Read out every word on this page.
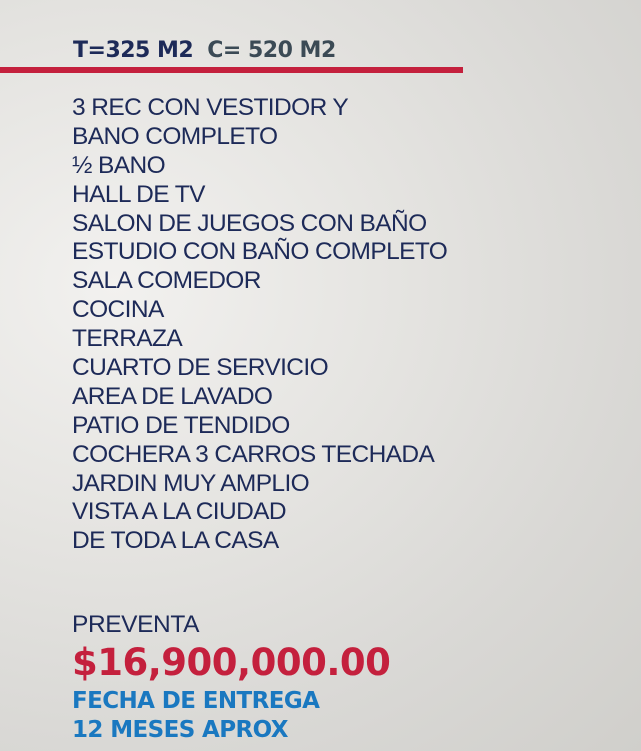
T=325 M2 C= 520 M2
3 REC CON VESTIDOR Y
BANO COMPLETO
½ BANO
HALL DE TV
SALON DE JUEGOS CON BAÑO
ESTUDIO CON BAÑO COMPLETO
SALA COMEDOR
COCINA
TERRAZA
CUARTO DE SERVICIO
AREA DE LAVADO
PATIO DE TENDIDO
COCHERA 3 CARROS TECHADA
JARDIN MUY AMPLIO
VISTA A LA CIUDAD
DE TODA LA CASA
PREVENTA
$16,900,000.00
FECHA DE ENTREGA
12 MESES APROX
